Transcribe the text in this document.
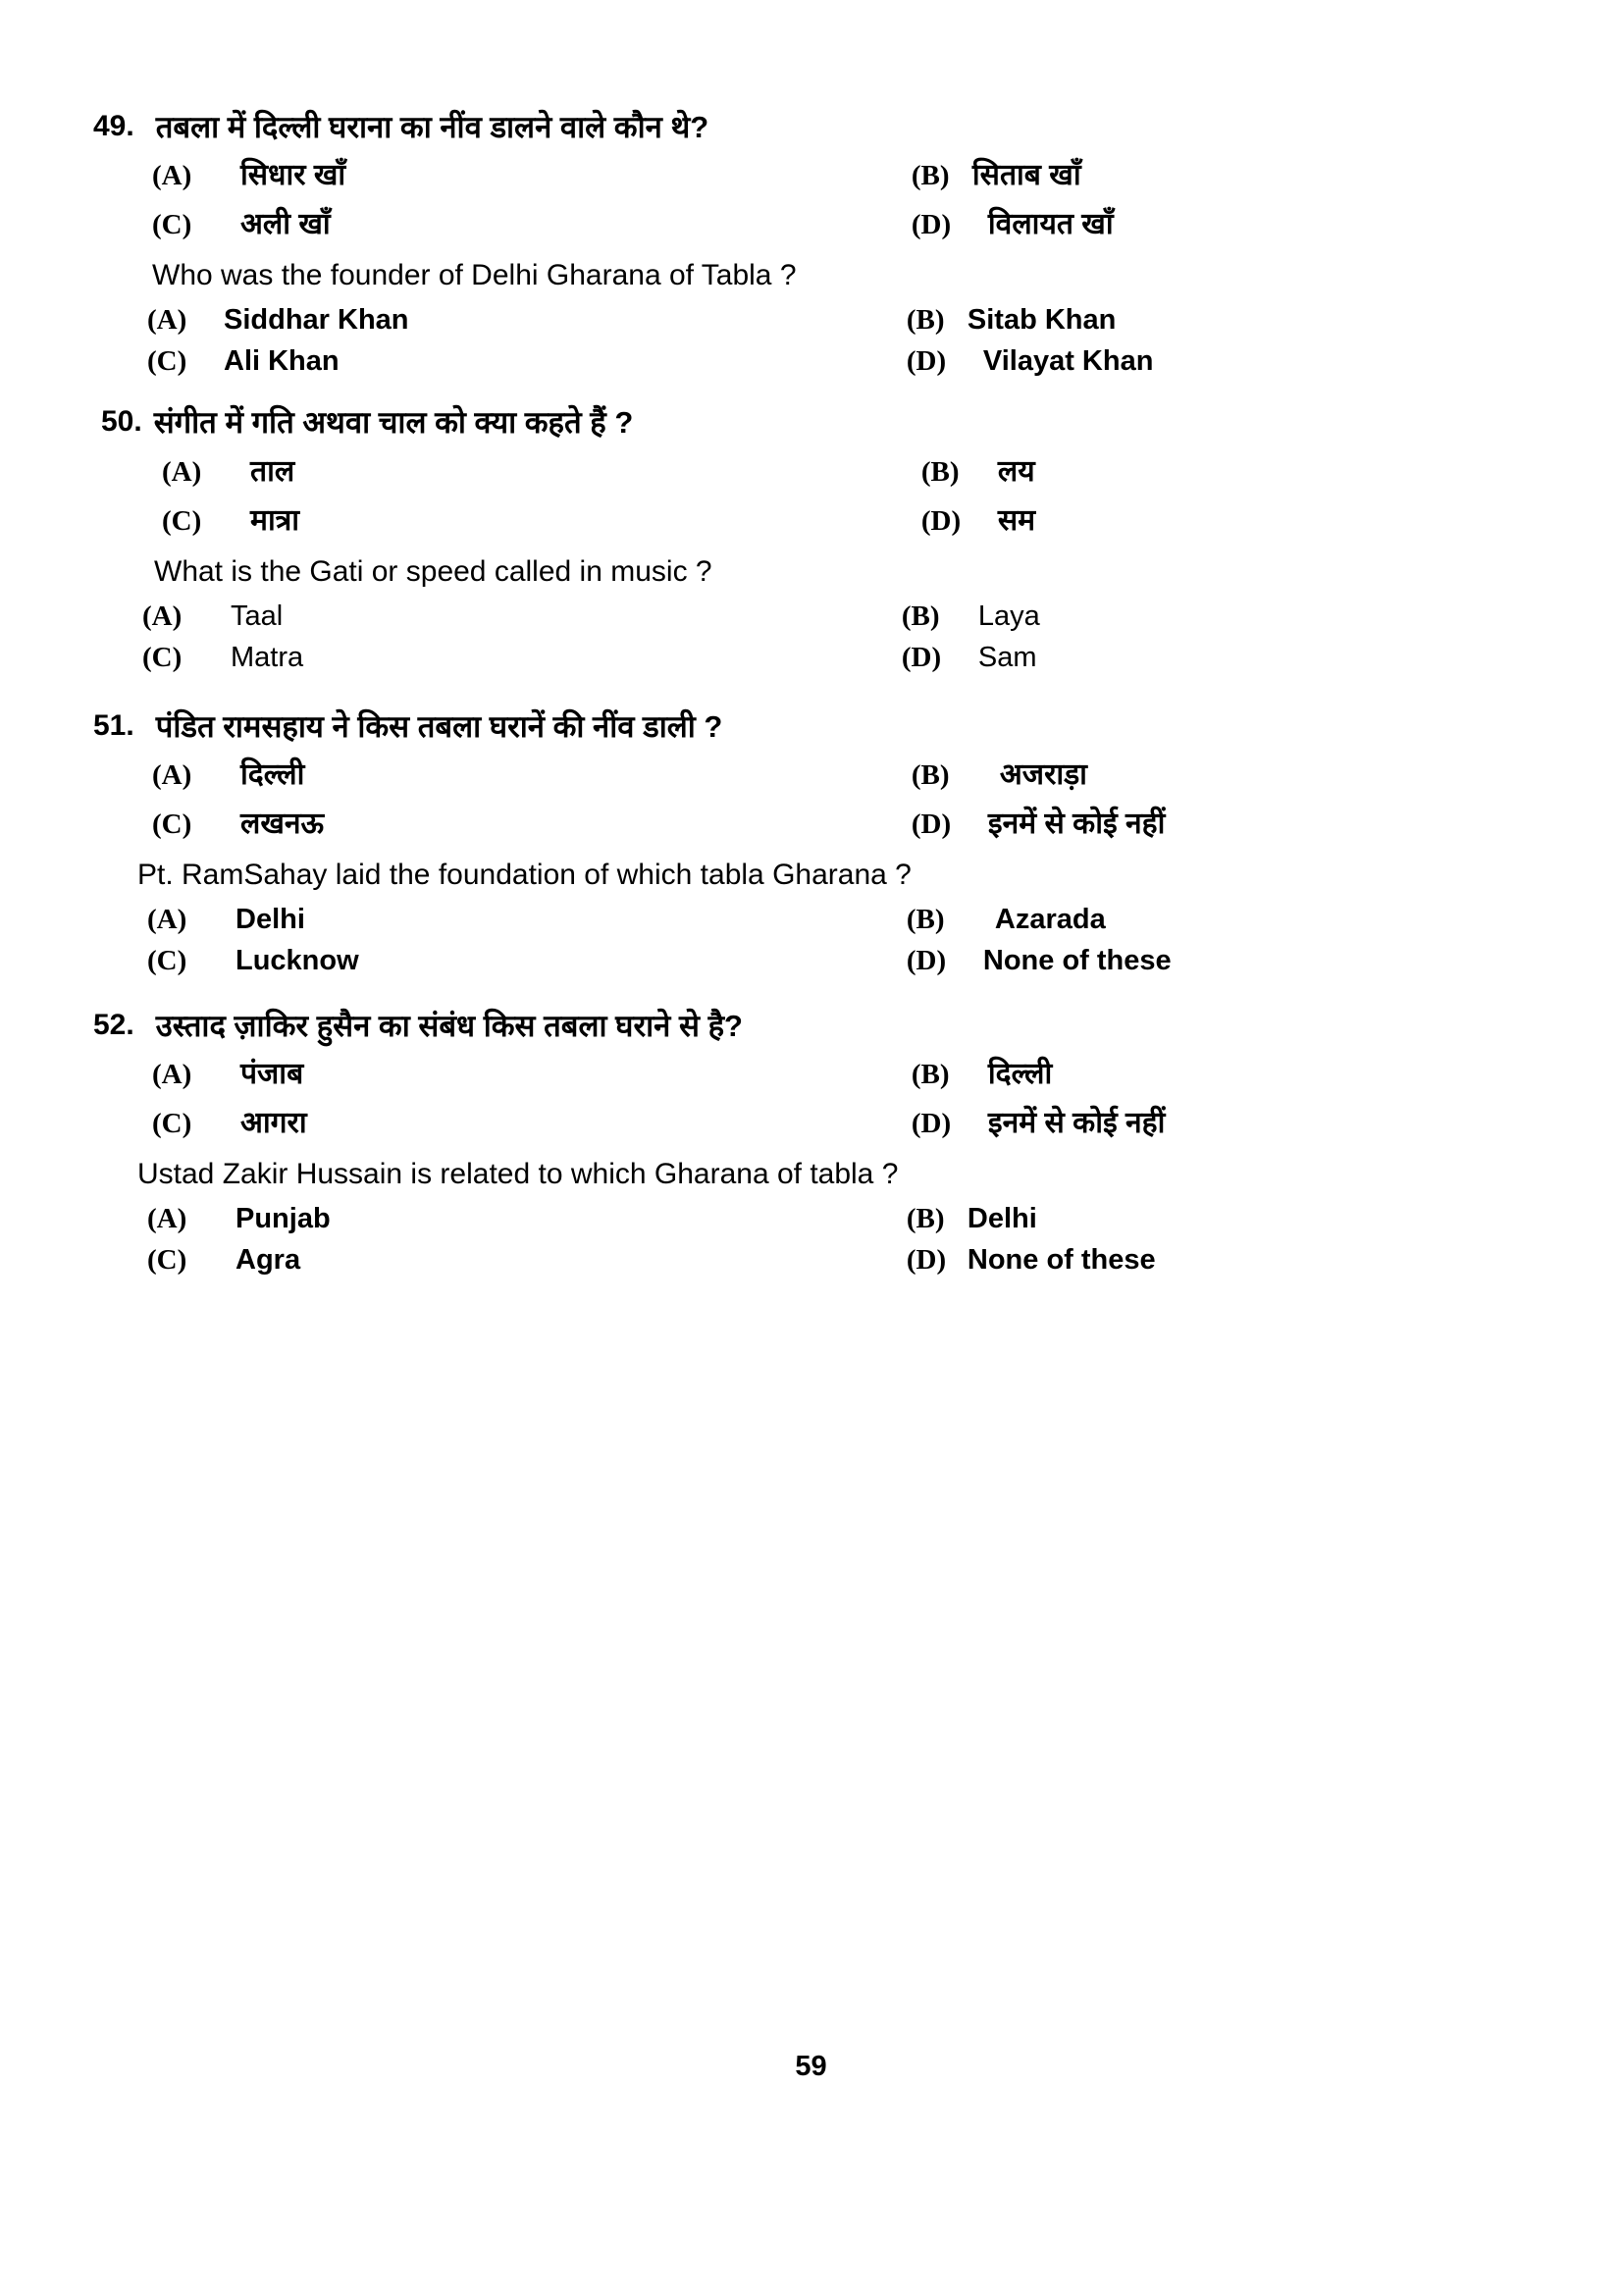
49. तबला में दिल्ली घराना का नींव डालने वाले कौन थे?
(A)	सिधार खाँ	(B) सिताब खाँ
(C)	अली खाँ	(D)	विलायत खाँ
Who was the founder of Delhi Gharana of Tabla ?
(A)	Siddhar Khan	(B) Sitab Khan
(C)	Ali Khan	(D)	Vilayat Khan
50. संगीत में गति अथवा चाल को क्या कहते हैं ?
(A)	ताल	(B)	लय
(C)	मात्रा	(D)	सम
What is the Gati or speed called in music ?
(A)	Taal	(B)	Laya
(C)	Matra	(D)	Sam
51. पंडित रामसहाय ने किस तबला घरानें की नींव डाली ?
(A)	दिल्ली	(B)	अजराड़ा
(C)	लखनऊ	(D)	इनमें से कोई नहीं
Pt. RamSahay laid the foundation of which tabla Gharana ?
(A)	Delhi	(B)	Azarada
(C)	Lucknow	(D)	None of these
52. उस्ताद ज़ाकिर हुसैन का संबंध किस तबला घराने से है?
(A)	पंजाब	(B)	दिल्ली
(C)	आगरा	(D)	इनमें से कोई नहीं
Ustad Zakir Hussain is related to which Gharana of tabla ?
(A)	Punjab	(B) Delhi
(C)	Agra	(D) None of these
59
